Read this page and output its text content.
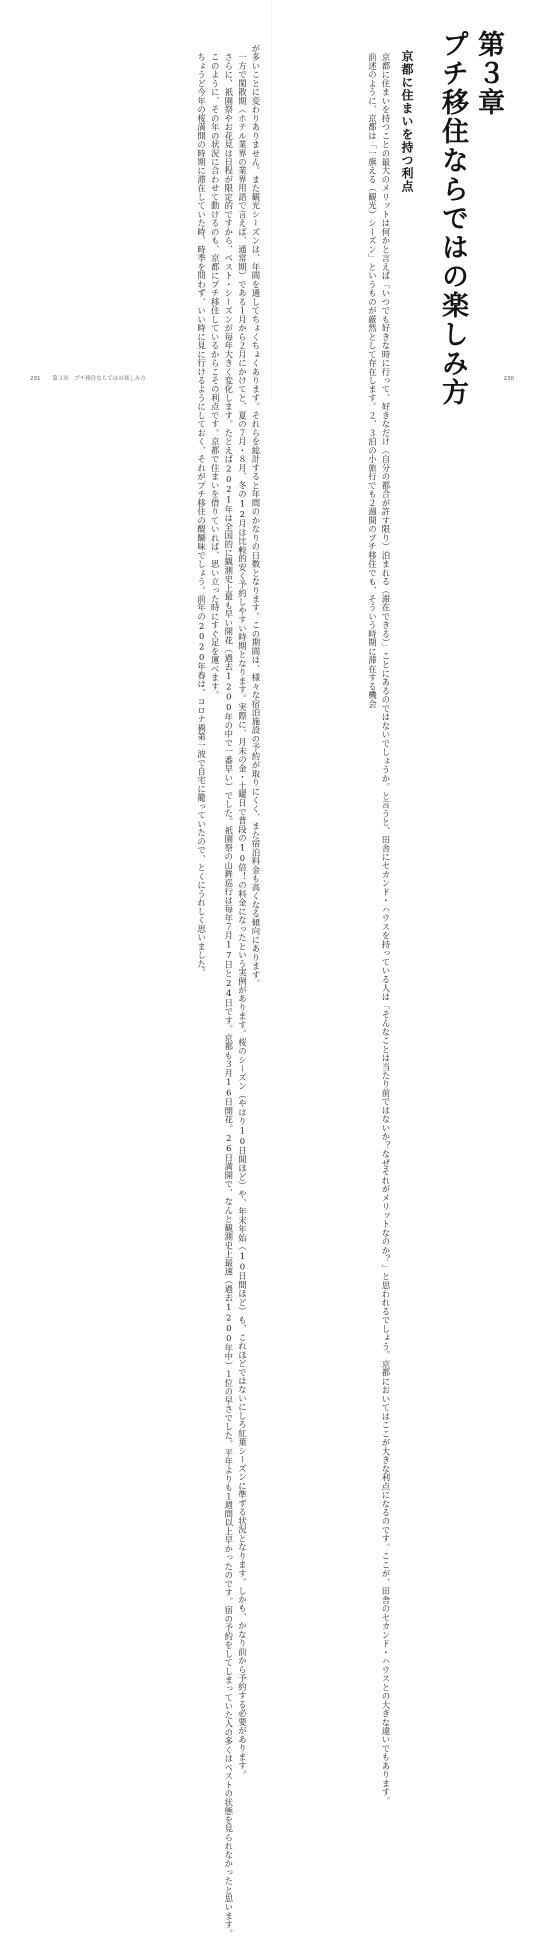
第３章
プチ移住ならではの楽しみ方
京都に住まいを持つ利点

　京都に住まいを持つことの最大のメリットは何かと言えば「いつでも好きな時に行って、好きなだけ（自分の都合が許す限り）泊まれる（滞在できる）」ことにあるのではないでしょうか。と言うと、田舎にセカンド・ハウスを持っている人は「そんなことは当たり前ではないか？なぜそれがメリットなのか？」と思われるでしょう。京都においてはここが大きな利点になるのです。ここが、田舎のセカンド・ハウスとの大きな違いでもあります。

　前述のように、京都は「一旗える（観光）シーズン」というものが厳然として存在します。２、３泊の小旅行でも２週間のプチ移住でも、そういう時期に滞在する機会

が多いことに変わりありません。また観光シーズンは、年間を通してちょくちょくあります。それらを総計すると年間のかなりの日数となります。この期間は、様々な宿泊施設の予約が取りにくく、また宿泊料金も高くなる傾向にあります。

　一方で閑散期（ホテル業界の業界用語で言えば、通常期）である１月から２月にかけてと、夏の７月・８月、冬の12月は比較的安く予約しやすい時期となります。実際に、月末の金・土曜日で普段の10倍！の料金になったという実例があります。桜のシーズン（やはり10日間ほど）や、年末年始（10日間ほど）も、これほどではないにしろ紅葉シーズンに準ずる状況となります。しかも、かなり前から予約する必要があります。

　さらに、祇園祭やお花見は日程が限定的ですから、ベスト・シーズンが毎年大きく変化します。たとえば2021年は全国的に観測史上最も早い開花（過去1200年の中で一番早い）でした。祇園祭の山鉾巡行は毎年７月17日と24日です。京都も３月16日開花。26日満開で、なんと観測史上最速（過去1200年中）１位の早さでした。平年よりも１週間以上早かったのです。宿の予約をしてしまっていた人の多くはベストの状態を見られなかったと思います。

　このように、その年の状況に合わせて動けるのも、京都にプチ移住しているからこその利点です。京都で住まいを借りていれば、思い立った時にすぐ足を運べます。

　ちょうど今年の桜満開の時期に滞在していた時、時季を問わず、いい時に見に行けるようにしておく、それがプチ移住の醍醐味でしょう。前年の2020年春は、コロナ禍第一波で自宅に籠っていたので、とくにうれしく思いました。

231 第３章　プチ移住ならではの楽しみ方	230
